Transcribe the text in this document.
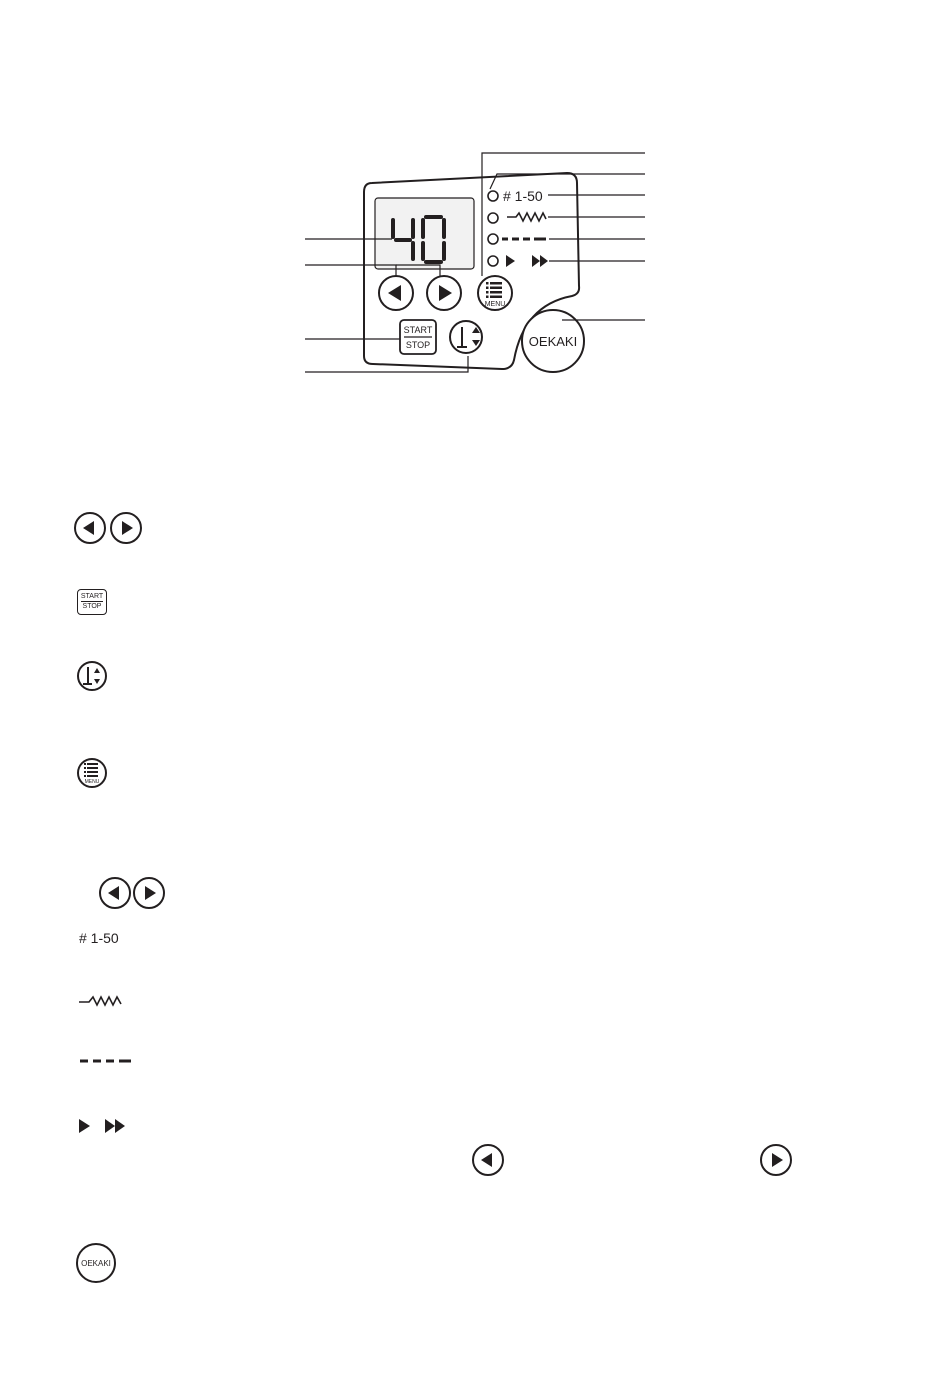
START
STOP
MENU
OEKAKI
# 1-50
START
STOP
MENU
# 1-50
OEKAKI
